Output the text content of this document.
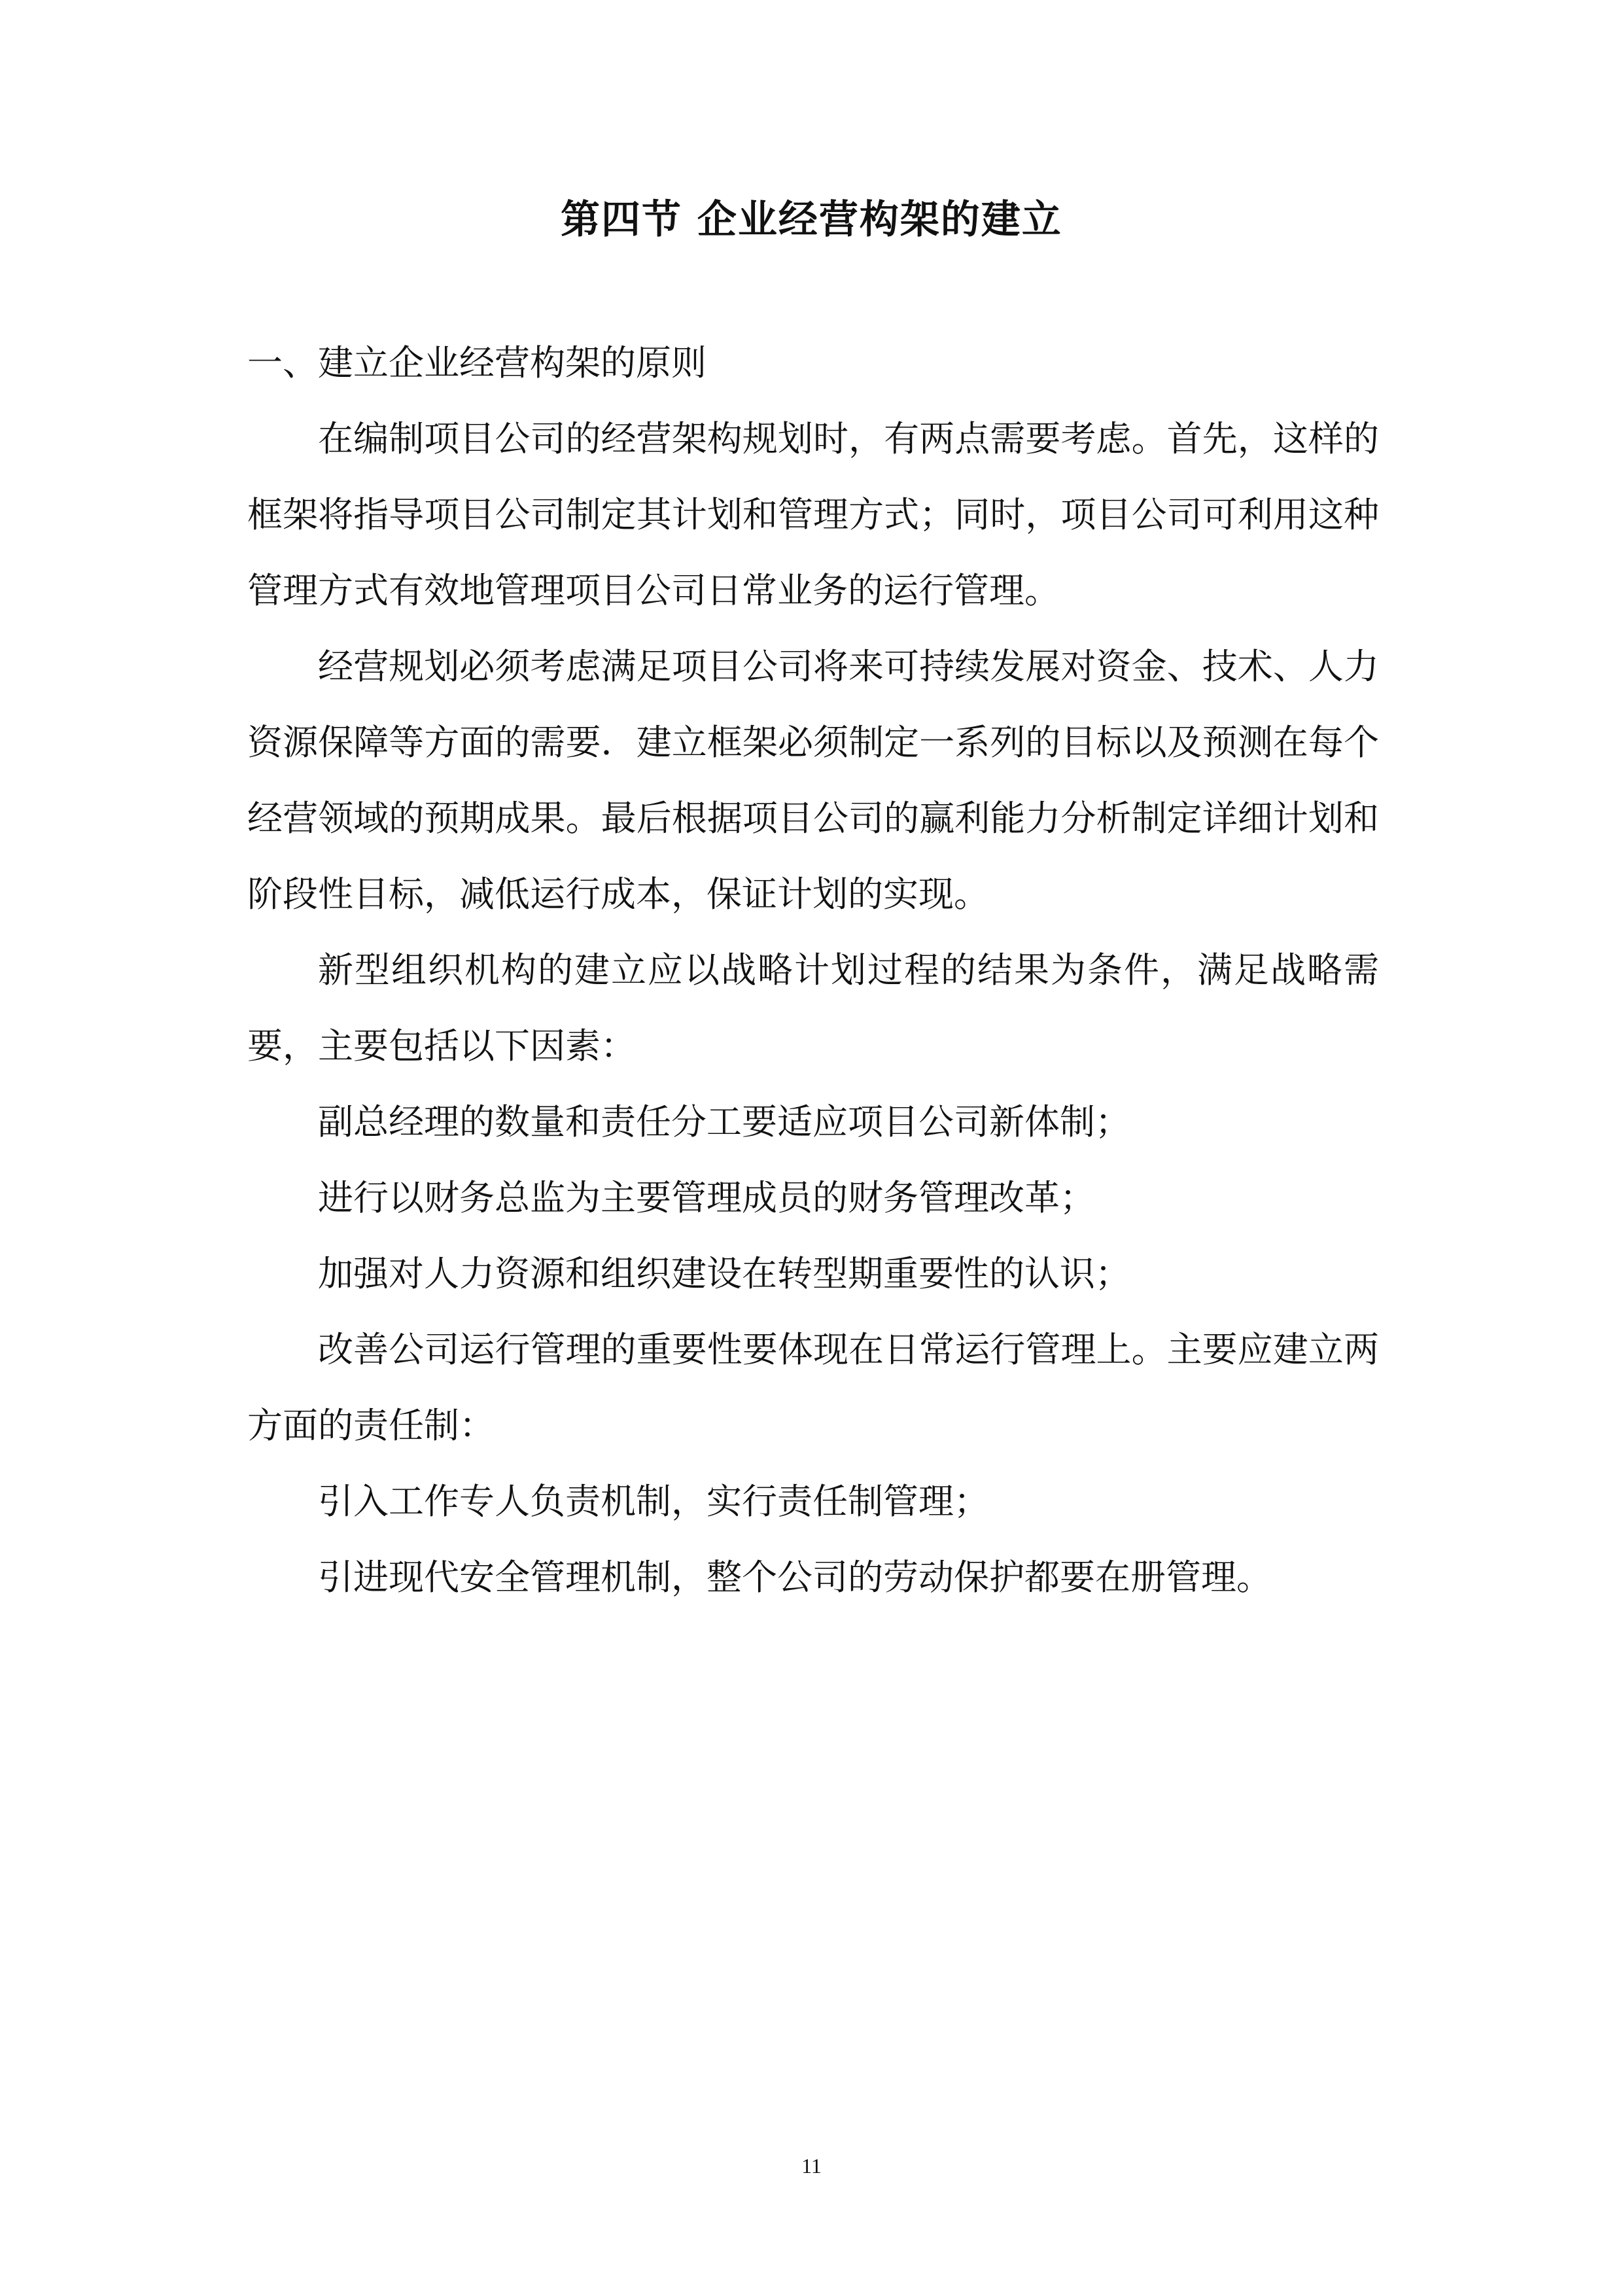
第四节 企业经营构架的建立

一、建立企业经营构架的原则

在编制项目公司的经营架构规划时，有两点需要考虑。首先，这样的框架将指导项目公司制定其计划和管理方式；同时，项目公司可利用这种管理方式有效地管理项目公司日常业务的运行管理。

经营规划必须考虑满足项目公司将来可持续发展对资金、技术、人力资源保障等方面的需要．建立框架必须制定一系列的目标以及预测在每个经营领域的预期成果。最后根据项目公司的赢利能力分析制定详细计划和阶段性目标，减低运行成本，保证计划的实现。

新型组织机构的建立应以战略计划过程的结果为条件，满足战略需要，主要包括以下因素：

副总经理的数量和责任分工要适应项目公司新体制；

进行以财务总监为主要管理成员的财务管理改革；

加强对人力资源和组织建设在转型期重要性的认识；

改善公司运行管理的重要性要体现在日常运行管理上。主要应建立两方面的责任制：

引入工作专人负责机制，实行责任制管理；

引进现代安全管理机制，整个公司的劳动保护都要在册管理。

11
